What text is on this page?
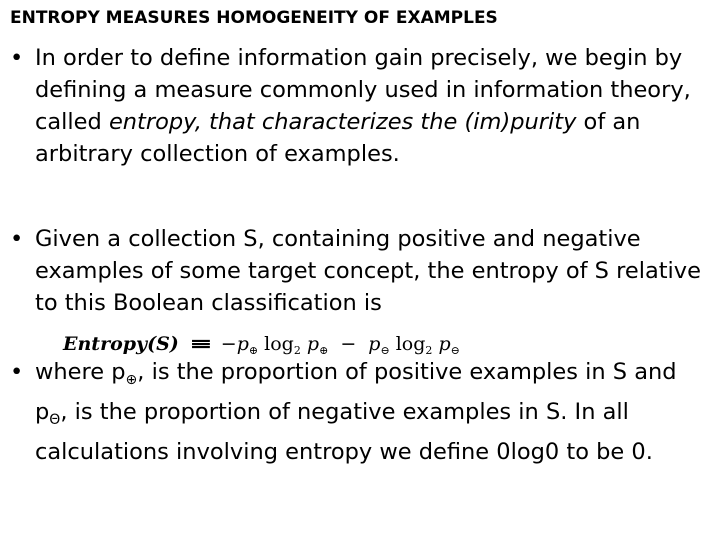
ENTROPY MEASURES HOMOGENEITY OF EXAMPLES
• In order to define information gain precisely, we begin by defining a measure commonly used in information theory, called entropy, that characterizes the (im)purity of an arbitrary collection of examples.
• Given a collection S, containing positive and negative examples of some target concept, the entropy of S relative to this Boolean classification is
Entropy(S) ≡ $-p_\oplus$ $\log_2 p_\oplus - p_⊖$ $\log_2 p_⊖$
• where $p_\oplus$, is the proportion of positive examples in S and $p_\Theta$, is the proportion of negative examples in S. In all calculations involving entropy we define 0log0 to be 0.
